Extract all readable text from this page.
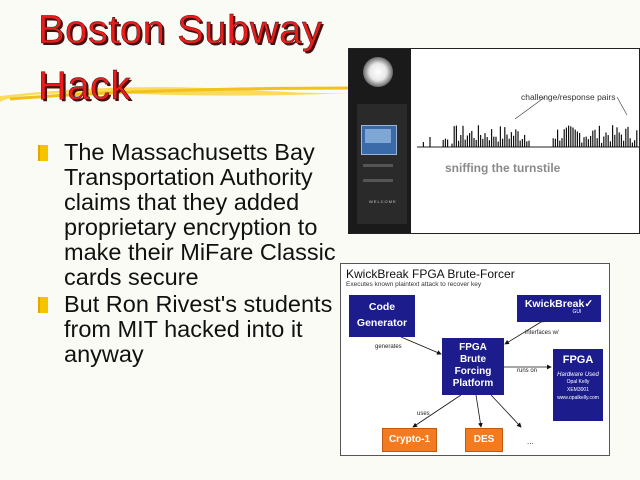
Boston Subway
Hack
The Massachusetts Bay Transportation Authority claims that they added proprietary encryption to make their MiFare Classic cards secure
But Ron Rivest's students from MIT hacked into it anyway
WELCOME
challenge/response pairs
sniffing the turnstile
KwickBreak FPGA Brute-Forcer
Executes known plaintext attack to recover key
Code
Generator
KwickBreak✓
GUI
FPGA
Brute
Forcing
Platform
FPGA
Hardware Used
Opal Kelly
XEM3001
www.opalkelly.com
Crypto-1	DES
generates
interfaces w/
runs on
uses
...
